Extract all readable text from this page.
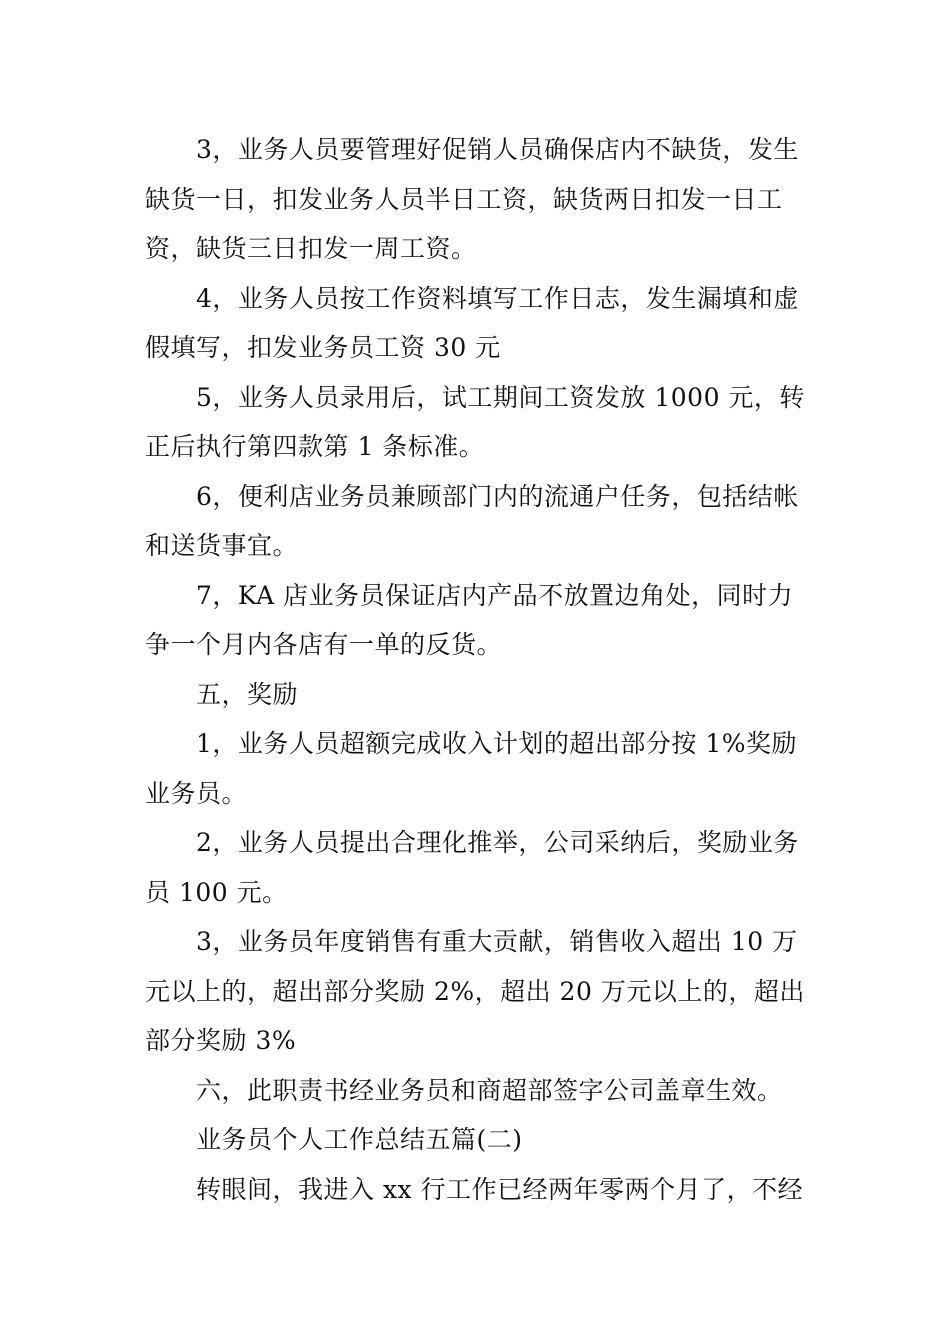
3，业务人员要管理好促销人员确保店内不缺货，发生缺货一日，扣发业务人员半日工资，缺货两日扣发一日工资，缺货三日扣发一周工资。

4，业务人员按工作资料填写工作日志，发生漏填和虚假填写，扣发业务员工资 30 元

5，业务人员录用后，试工期间工资发放 1000 元，转正后执行第四款第 1 条标准。

6，便利店业务员兼顾部门内的流通户任务，包括结帐和送货事宜。

7，KA 店业务员保证店内产品不放置边角处，同时力争一个月内各店有一单的反货。

五，奖励

1，业务人员超额完成收入计划的超出部分按 1%奖励业务员。

2，业务人员提出合理化推举，公司采纳后，奖励业务员 100 元。

3，业务员年度销售有重大贡献，销售收入超出 10 万元以上的，超出部分奖励 2%，超出 20 万元以上的，超出部分奖励 3%

六，此职责书经业务员和商超部签字公司盖章生效。

业务员个人工作总结五篇(二)

转眼间，我进入 xx 行工作已经两年零两个月了，不经
